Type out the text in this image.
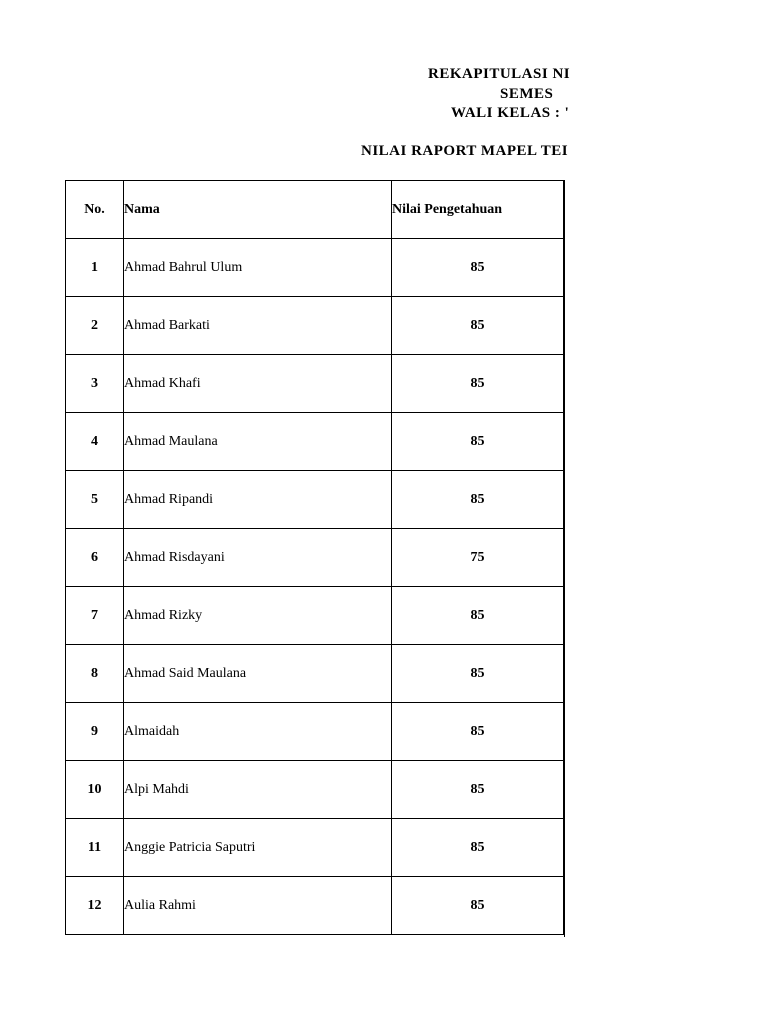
REKAPITULASI NI
SEMES
WALI KELAS : '
NILAI RAPORT MAPEL TEI
No.	Nama	Nilai Pengetahuan
1	Ahmad Bahrul Ulum	85
2	Ahmad Barkati	85
3	Ahmad Khafi	85
4	Ahmad Maulana	85
5	Ahmad Ripandi	85
6	Ahmad Risdayani	75
7	Ahmad Rizky	85
8	Ahmad Said Maulana	85
9	Almaidah	85
10	Alpi Mahdi	85
11	Anggie Patricia Saputri	85
12	Aulia Rahmi	85
